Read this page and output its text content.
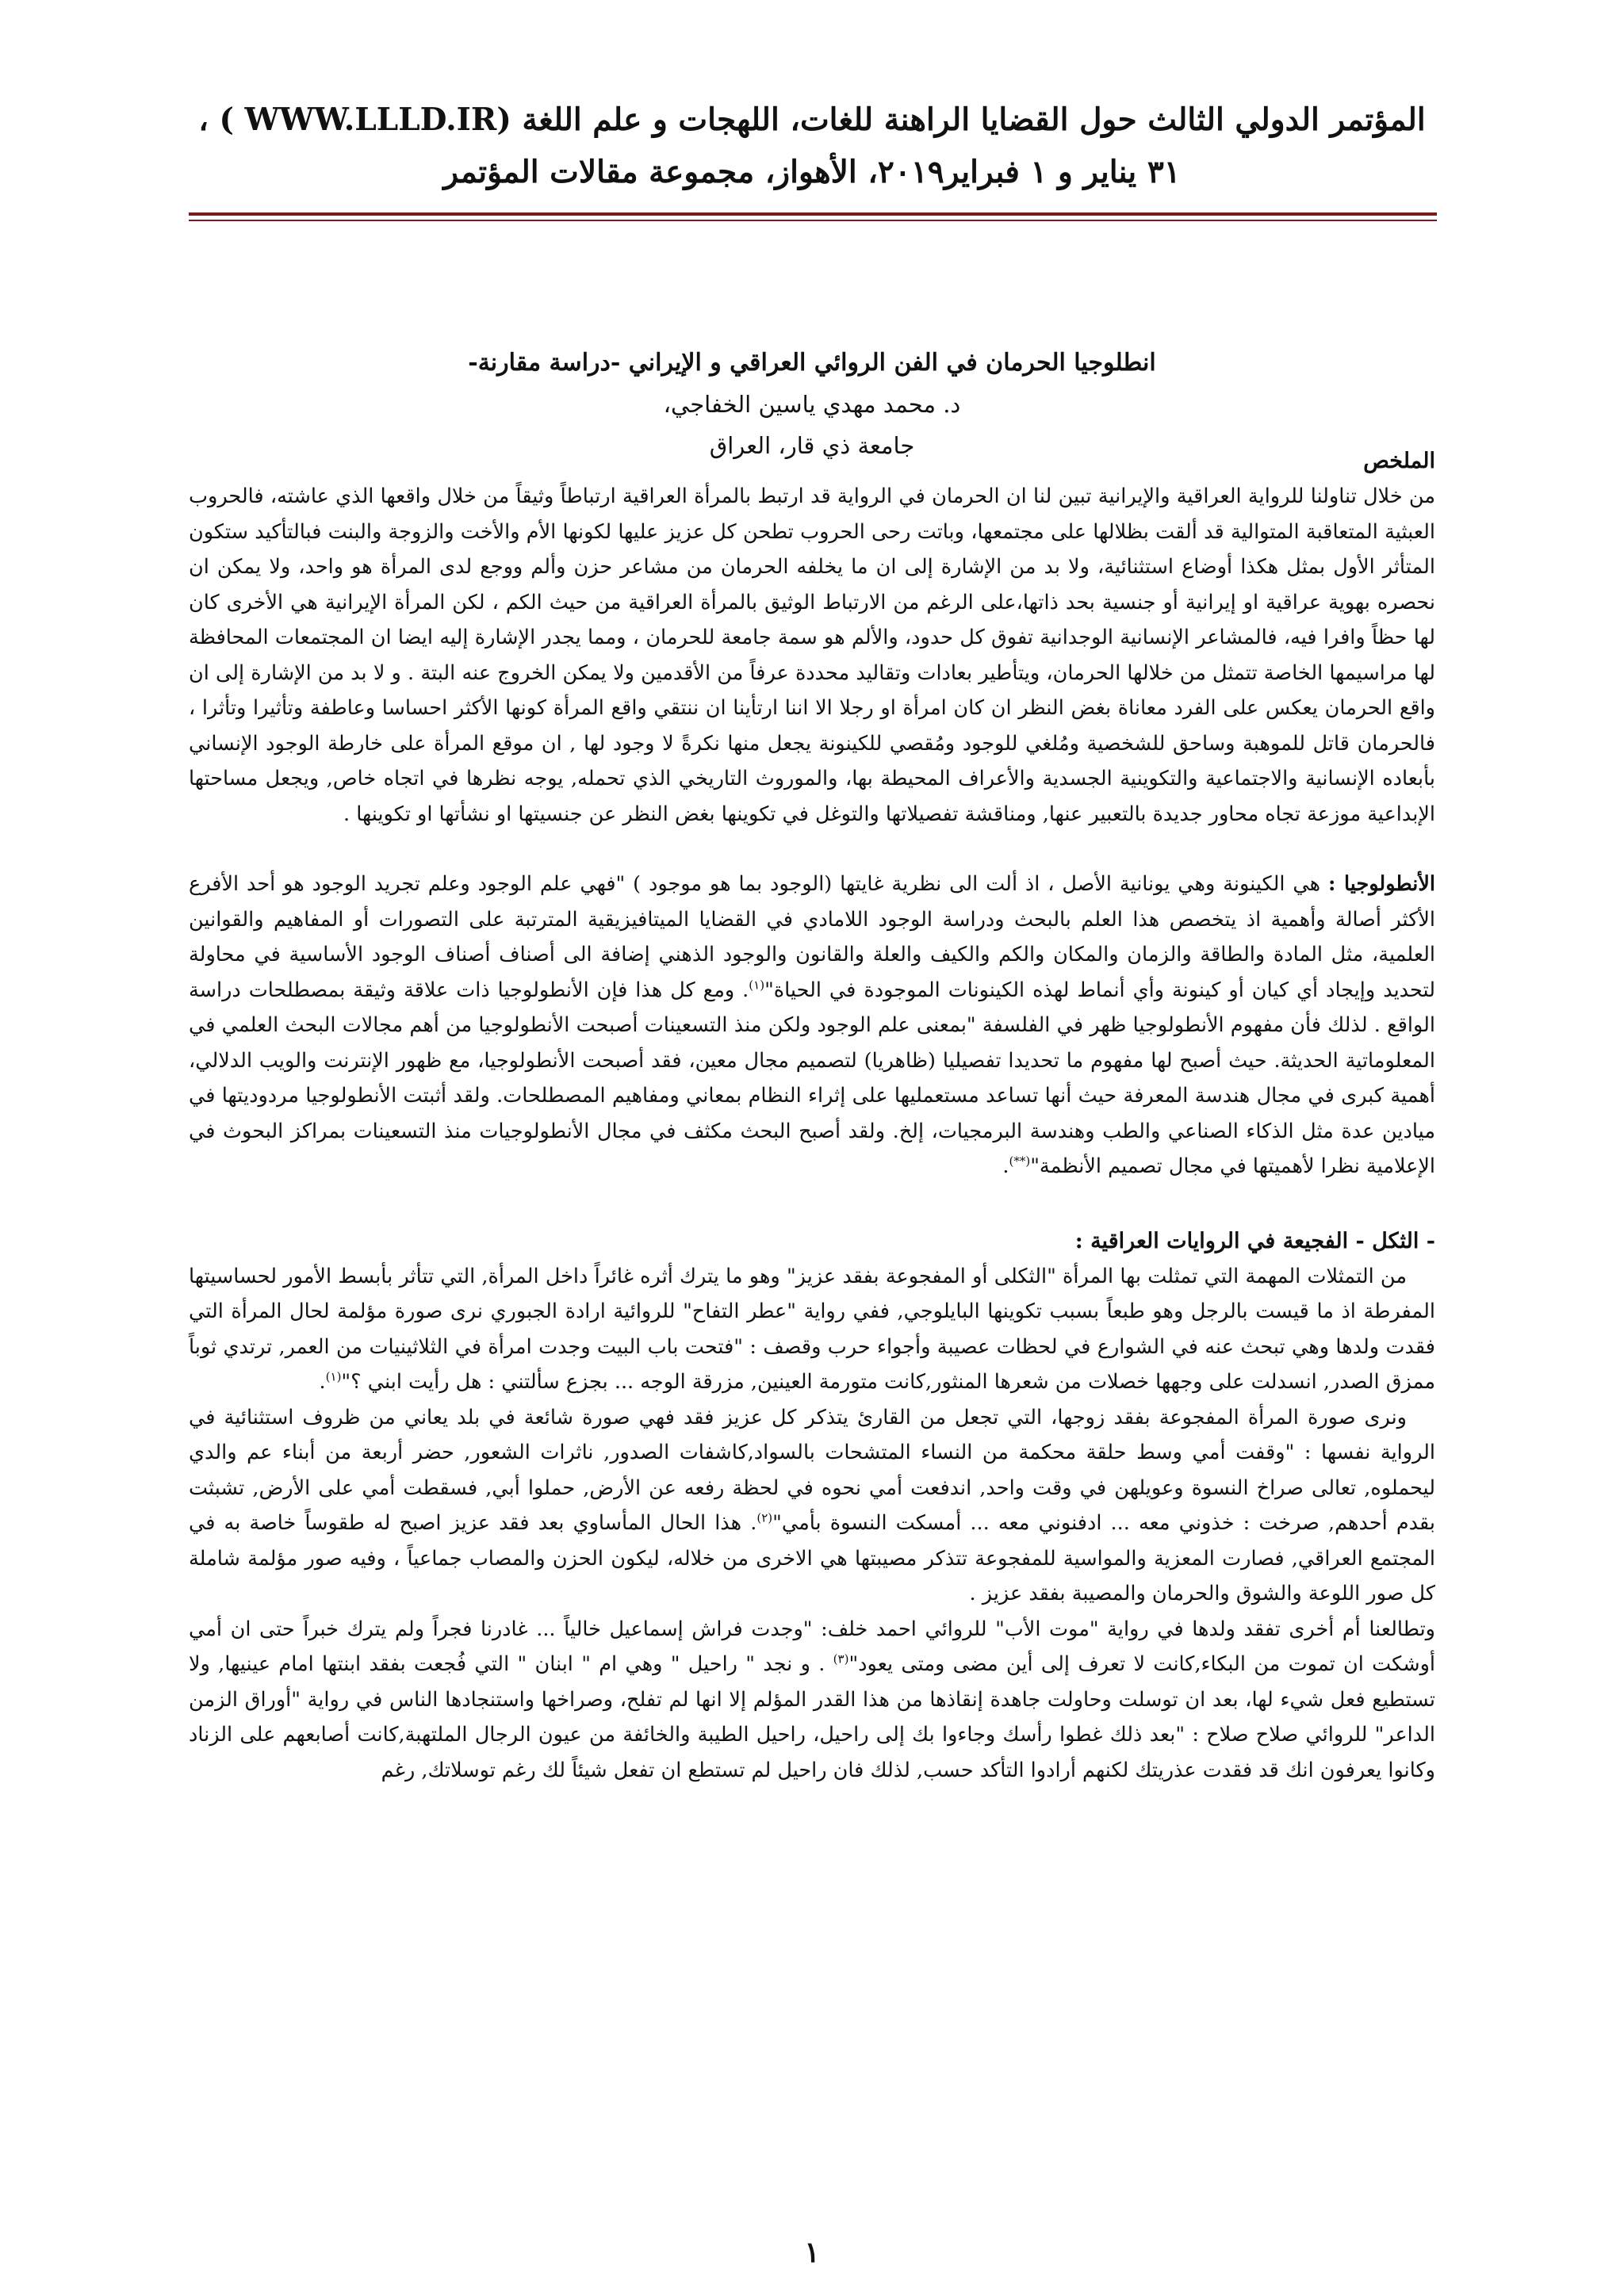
المؤتمر الدولي الثالث حول القضايا الراهنة للغات، اللهجات و علم اللغة (WWW.LLLD.IR ) ،
۳۱ يناير و ۱ فبراير۲۰۱۹، الأهواز، مجموعة مقالات المؤتمر
انطلوجيا الحرمان في الفن الروائي العراقي و الإيراني -دراسة مقارنة-
د. محمد مهدي ياسين الخفاجي،
جامعة ذي قار، العراق

الملخص

من خلال تناولنا للرواية العراقية والإيرانية تبين لنا ان الحرمان في الرواية قد ارتبط بالمرأة العراقية ارتباطاً وثيقاً من خلال واقعها الذي عاشته، فالحروب العبثية المتعاقبة المتوالية قد ألقت بظلالها على مجتمعها، وباتت رحى الحروب تطحن كل عزيز عليها لكونها الأم والأخت والزوجة والبنت فبالتأكيد ستكون المتأثر الأول بمثل هكذا أوضاع استثنائية، ولا بد من الإشارة إلى ان ما يخلفه الحرمان من مشاعر حزن وألم ووجع لدى المرأة هو واحد، ولا يمكن ان نحصره بهوية عراقية او إيرانية أو جنسية بحد ذاتها،على الرغم من الارتباط الوثيق بالمرأة العراقية من حيث الكم ، لكن المرأة الإيرانية هي الأخرى كان لها حظاً وافرا فيه، فالمشاعر الإنسانية الوجدانية تفوق كل حدود، والألم هو سمة جامعة للحرمان ، ومما يجدر الإشارة إليه ايضا ان المجتمعات المحافظة لها مراسيمها الخاصة تتمثل من خلالها الحرمان، ويتأطير بعادات وتقاليد محددة عرفاً من الأقدمين ولا يمكن الخروج عنه البتة . و لا بد من الإشارة إلى ان واقع الحرمان يعكس على الفرد معاناة بغض النظر ان كان امرأة او رجلا الا اننا ارتأينا ان ننتقي واقع المرأة كونها الأكثر احساسا وعاطفة وتأثيرا وتأثرا ، فالحرمان قاتل للموهبة وساحق للشخصية ومُلغي للوجود ومُقصي للكينونة يجعل منها نكرةً لا وجود لها , ان موقع المرأة على خارطة الوجود الإنساني بأبعاده الإنسانية والاجتماعية والتكوينية الجسدية والأعراف المحيطة بها، والموروث التاريخي الذي تحمله, يوجه نظرها في اتجاه خاص, ويجعل مساحتها الإبداعية موزعة تجاه محاور جديدة بالتعبير عنها, ومناقشة تفصيلاتها والتوغل في تكوينها بغض النظر عن جنسيتها او نشأتها او تكوينها .

الأنطولوجيا : هي الكينونة وهي يونانية الأصل ، اذ ألت الى نظرية غايتها (الوجود بما هو موجود ) "فهي علم الوجود وعلم تجريد الوجود هو أحد الأفرع الأكثر أصالة وأهمية اذ يتخصص هذا العلم بالبحث ودراسة الوجود اللامادي في القضايا الميتافيزيقية المترتبة على التصورات أو المفاهيم والقوانين العلمية، مثل المادة والطاقة والزمان والمكان والكم والكيف والعلة والقانون والوجود الذهني إضافة الى أصناف أصناف الوجود الأساسية في محاولة لتحديد وإيجاد أي كيان أو كينونة وأي أنماط لهذه الكينونات الموجودة في الحياة"$^{(١)}$. ومع كل هذا فإن الأنطولوجيا ذات علاقة وثيقة بمصطلحات دراسة الواقع . لذلك فأن مفهوم الأنطولوجيا ظهر في الفلسفة "بمعنى علم الوجود ولكن منذ التسعينات أصبحت الأنطولوجيا من أهم مجالات البحث العلمي في المعلوماتية الحديثة. حيث أصبح لها مفهوم ما تحديدا تفصيليا (ظاهريا) لتصميم مجال معين، فقد أصبحت الأنطولوجيا، مع ظهور الإنترنت والويب الدلالي، أهمية كبرى في مجال هندسة المعرفة حيث أنها تساعد مستعمليها على إثراء النظام بمعاني ومفاهيم المصطلحات. ولقد أثبتت الأنطولوجيا مردوديتها في ميادين عدة مثل الذكاء الصناعي والطب وهندسة البرمجيات، إلخ. ولقد أصبح البحث مكثف في مجال الأنطولوجيات منذ التسعينات بمراكز البحوث في الإعلامية نظرا لأهميتها في مجال تصميم الأنظمة"(**).

- الثكل - الفجيعة في الروايات العراقية :

من التمثلات المهمة التي تمثلت بها المرأة "الثكلى أو المفجوعة بفقد عزيز" وهو ما يترك أثره غائراً داخل المرأة, التي تتأثر بأبسط الأمور لحساسيتها المفرطة اذ ما قيست بالرجل وهو طبعاً بسبب تكوينها البايلوجي, ففي رواية "عطر التفاح" للروائية ارادة الجبوري نرى صورة مؤلمة لحال المرأة التي فقدت ولدها وهي تبحث عنه في الشوارع في لحظات عصيبة وأجواء حرب وقصف : "فتحت باب البيت وجدت امرأة في الثلاثينيات من العمر, ترتدي ثوباً ممزق الصدر, انسدلت على وجهها خصلات من شعرها المنثور,كانت متورمة العينين, مزرقة الوجه ... بجزع سألتني : هل رأيت ابني ؟"$^{(١)}$.

ونرى صورة المرأة المفجوعة بفقد زوجها، التي تجعل من القارئ يتذكر كل عزيز فقد فهي صورة شائعة في بلد يعاني من ظروف استثنائية في الرواية نفسها : "وقفت أمي وسط حلقة محكمة من النساء المتشحات بالسواد,كاشفات الصدور, ناثرات الشعور, حضر أربعة من أبناء عم والدي ليحملوه, تعالى صراخ النسوة وعويلهن في وقت واحد, اندفعت أمي نحوه في لحظة رفعه عن الأرض, حملوا أبي, فسقطت أمي على الأرض, تشبثت بقدم أحدهم, صرخت : خذوني معه ... ادفنوني معه ... أمسكت النسوة بأمي"$^{(٢)}$. هذا الحال المأساوي بعد فقد عزيز اصبح له طقوساً خاصة به في المجتمع العراقي, فصارت المعزية والمواسية للمفجوعة تتذكر مصيبتها هي الاخرى من خلاله، ليكون الحزن والمصاب جماعياً ، وفيه صور مؤلمة شاملة كل صور اللوعة والشوق والحرمان والمصيبة بفقد عزيز .

وتطالعنا أم أخرى تفقد ولدها في رواية "موت الأب" للروائي احمد خلف: "وجدت فراش إسماعيل خالياً ... غادرنا فجراً ولم يترك خبراً حتى ان أمي أوشكت ان تموت من البكاء,كانت لا تعرف إلى أين مضى ومتى يعود"$^{(٣)}$ . و نجد " راحيل " وهي ام " ابنان " التي فُجعت بفقد ابنتها امام عينيها, ولا تستطيع فعل شيء لها، بعد ان توسلت وحاولت جاهدة إنقاذها من هذا القدر المؤلم إلا انها لم تفلح، وصراخها واستنجادها الناس في رواية "أوراق الزمن الداعر" للروائي صلاح صلاح : "بعد ذلك غطوا رأسك وجاءوا بك إلى راحيل، راحيل الطيبة والخائفة من عيون الرجال الملتهبة,كانت أصابعهم على الزناد وكانوا يعرفون انك قد فقدت عذريتك لكنهم أرادوا التأكد حسب, لذلك فان راحيل لم تستطع ان تفعل شيئاً لك رغم توسلاتك, رغم

۱
